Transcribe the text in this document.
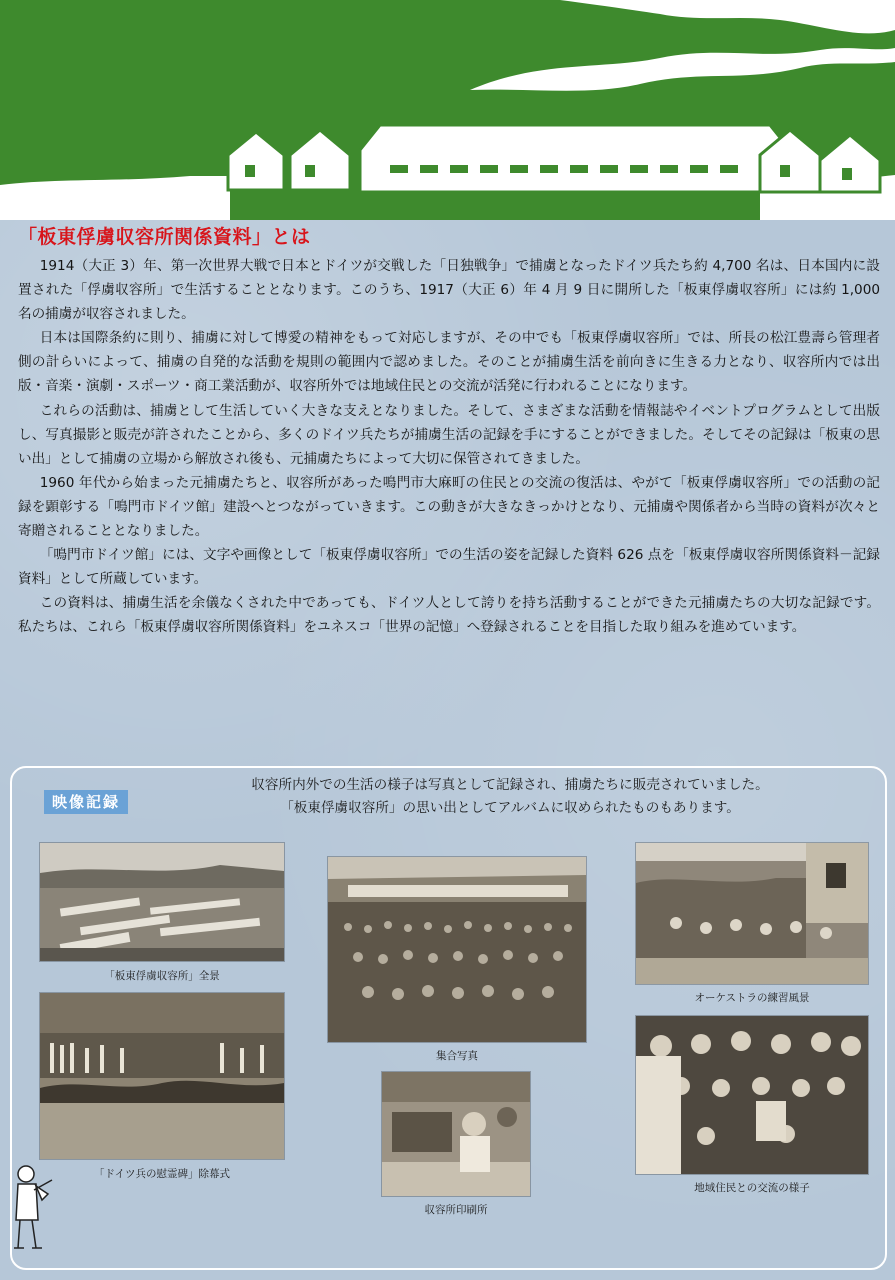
「板東俘虜収容所関係資料」とは

1914（大正 3）年、第一次世界大戦で日本とドイツが交戦した「日独戦争」で捕虜となったドイツ兵たち約 4,700 名は、日本国内に設置された「俘虜収容所」で生活することとなります。このうち、1917（大正 6）年 4 月 9 日に開所した「板東俘虜収容所」には約 1,000 名の捕虜が収容されました。

日本は国際条約に則り、捕虜に対して博愛の精神をもって対応しますが、その中でも「板東俘虜収容所」では、所長の松江豊壽ら管理者側の計らいによって、捕虜の自発的な活動を規則の範囲内で認めました。そのことが捕虜生活を前向きに生きる力となり、収容所内では出版・音楽・演劇・スポーツ・商工業活動が、収容所外では地域住民との交流が活発に行われることになります。

これらの活動は、捕虜として生活していく大きな支えとなりました。そして、さまざまな活動を情報誌やイベントプログラムとして出版し、写真撮影と販売が許されたことから、多くのドイツ兵たちが捕虜生活の記録を手にすることができました。そしてその記録は「板東の思い出」として捕虜の立場から解放され後も、元捕虜たちによって大切に保管されてきました。

1960 年代から始まった元捕虜たちと、収容所があった鳴門市大麻町の住民との交流の復活は、やがて「板東俘虜収容所」での活動の記録を顕彰する「鳴門市ドイツ館」建設へとつながっていきます。この動きが大きなきっかけとなり、元捕虜や関係者から当時の資料が次々と寄贈されることとなりました。

「鳴門市ドイツ館」には、文字や画像として「板東俘虜収容所」での生活の姿を記録した資料 626 点を「板東俘虜収容所関係資料－記録資料」として所蔵しています。

この資料は、捕虜生活を余儀なくされた中であっても、ドイツ人として誇りを持ち活動することができた元捕虜たちの大切な記録です。私たちは、これら「板東俘虜収容所関係資料」をユネスコ「世界の記憶」へ登録されることを目指した取り組みを進めています。

映像記録
収容所内外での生活の様子は写真として記録され、捕虜たちに販売されていました。
「板東俘虜収容所」の思い出としてアルバムに収められたものもあります。
「板東俘虜収容所」全景
「ドイツ兵の慰霊碑」除幕式
集合写真
収容所印刷所
オーケストラの練習風景
地域住民との交流の様子
